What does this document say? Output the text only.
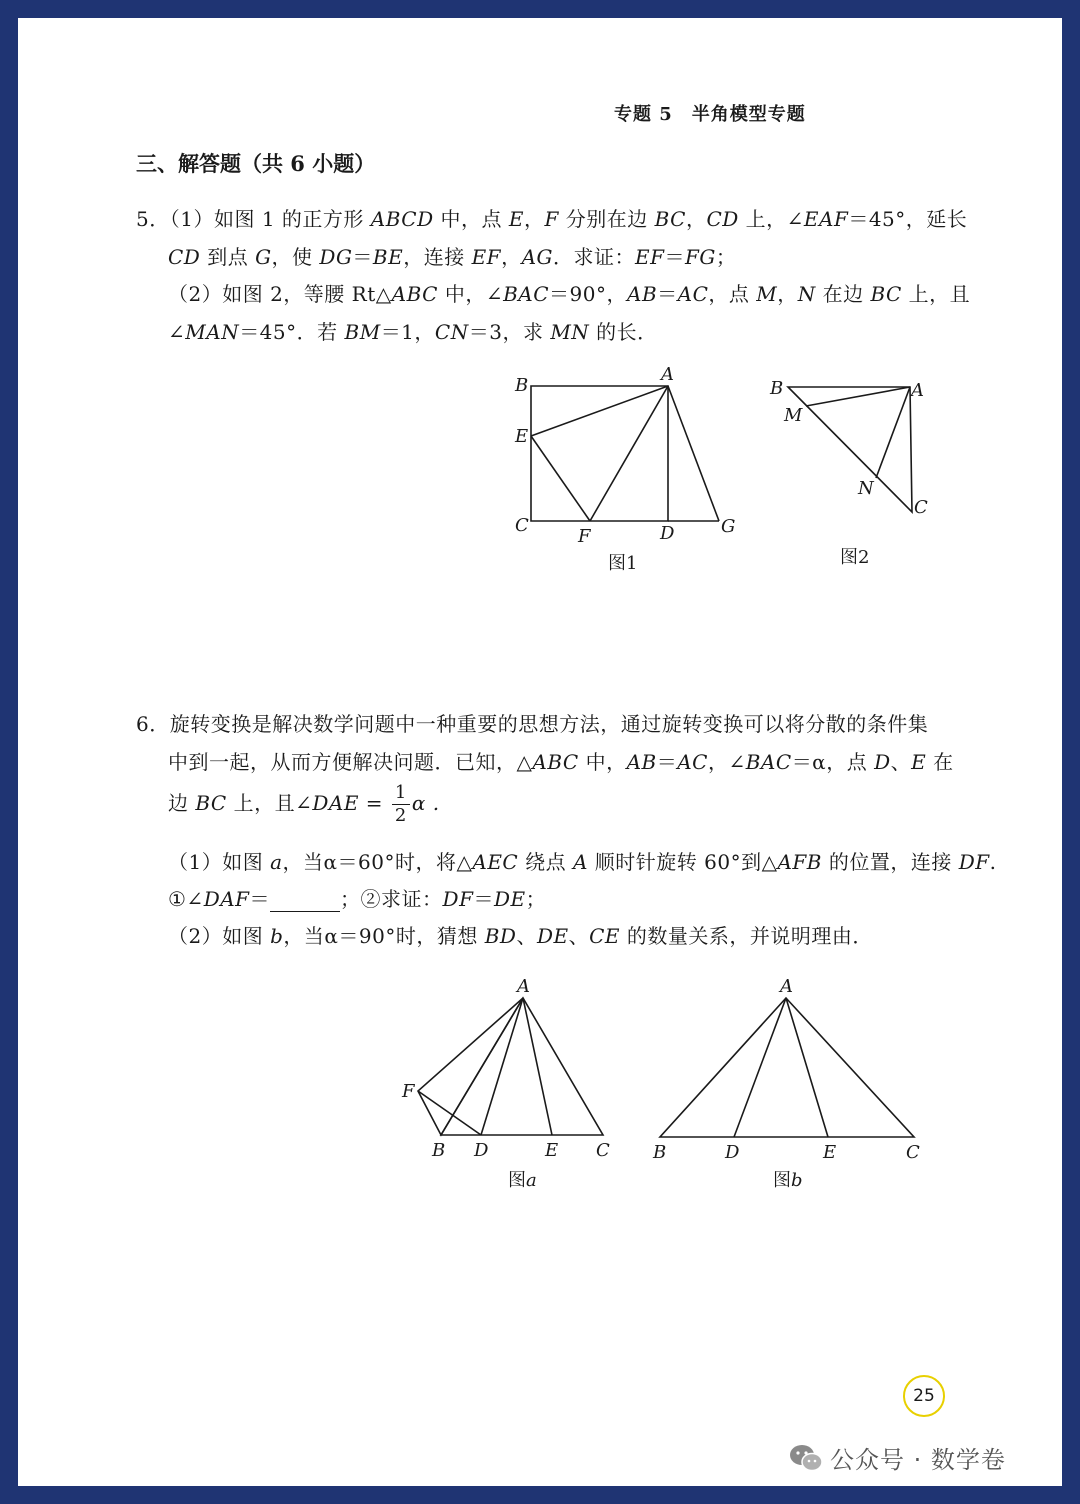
专题 5　半角模型专题
三、解答题（共 6 小题）
5．（1）如图 1 的正方形 ABCD 中，点 E，F 分别在边 BC，CD 上，∠EAF＝45°，延长
CD 到点 G，使 DG＝BE，连接 EF，AG．求证：EF＝FG；
（2）如图 2，等腰 Rt△ABC 中，∠BAC＝90°，AB＝AC，点 M，N 在边 BC 上，且
∠MAN＝45°．若 BM＝1，CN＝3，求 MN 的长．
6．旋转变换是解决数学问题中一种重要的思想方法，通过旋转变换可以将分散的条件集
中到一起，从而方便解决问题．已知，△ABC 中，AB＝AC，∠BAC＝α，点 D、E 在
边 BC 上，且∠DAE = $\frac{1}{2}$ α .
（1）如图 a，当α＝60°时，将△AEC 绕点 A 顺时针旋转 60°到△AFB 的位置，连接 DF.
①∠DAF＝	；②求证：DF＝DE；
（2）如图 b，当α＝90°时，猜想 BD、DE、CE 的数量关系，并说明理由．
B
A
E
C
F	D	G
图1
B	A
M
N
C
图2
A
F
B D	E C
图a
A
B	D	E	C
图b
25
公众号 · 数学卷
